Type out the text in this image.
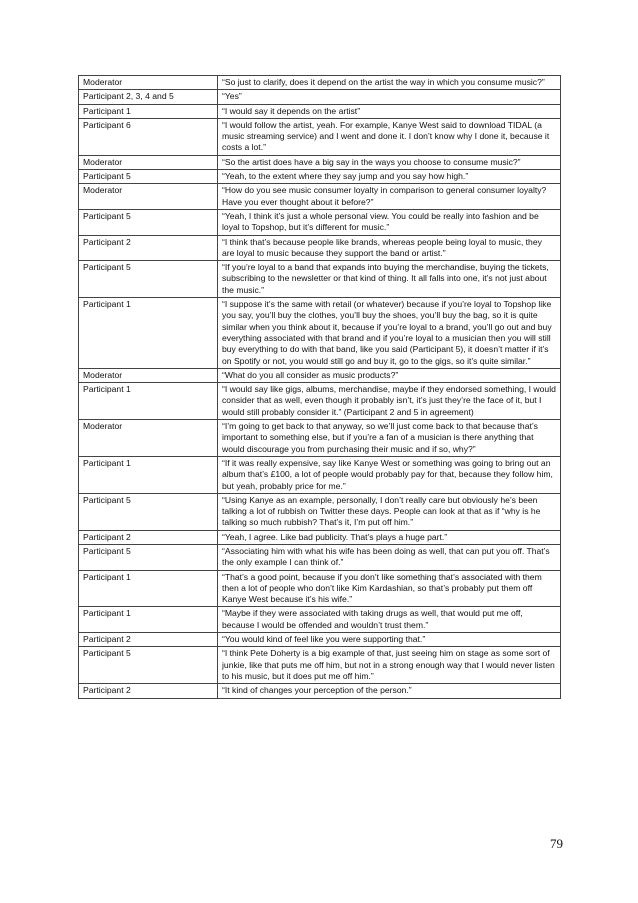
Moderator	“So just to clarify, does it depend on the artist the way in which you consume music?”
Participant 2, 3, 4 and 5	“Yes”
Participant 1	“I would say it depends on the artist”
Participant 6	“I would follow the artist, yeah. For example, Kanye West said to download TIDAL (a music streaming service) and I went and done it. I don’t know why I done it, because it costs a lot.”
Moderator	“So the artist does have a big say in the ways you choose to consume music?”
Participant 5	“Yeah, to the extent where they say jump and you say how high.”
Moderator	“How do you see music consumer loyalty in comparison to general consumer loyalty? Have you ever thought about it before?”
Participant 5	“Yeah, I think it’s just a whole personal view. You could be really into fashion and be loyal to Topshop, but it’s different for music.”
Participant 2	“I think that’s because people like brands, whereas people being loyal to music, they are loyal to music because they support the band or artist.”
Participant 5	“If you’re loyal to a band that expands into buying the merchandise, buying the tickets, subscribing to the newsletter or that kind of thing. It all falls into one, it’s not just about the music.”
Participant 1	“I suppose it’s the same with retail (or whatever) because if you’re loyal to Topshop like you say, you’ll buy the clothes, you’ll buy the shoes, you’ll buy the bag, so it is quite similar when you think about it, because if you’re loyal to a brand, you’ll go out and buy everything associated with that brand and if you’re loyal to a musician then you will still buy everything to do with that band, like you said (Participant 5), it doesn’t matter if it’s on Spotify or not, you would still go and buy it, go to the gigs, so it’s quite similar.”
Moderator	“What do you all consider as music products?”
Participant 1	“I would say like gigs, albums, merchandise, maybe if they endorsed something, I would consider that as well, even though it probably isn’t, it’s just they’re the face of it, but I would still probably consider it.” (Participant 2 and 5 in agreement)
Moderator	“I’m going to get back to that anyway, so we’ll just come back to that because that’s important to something else, but if you’re a fan of a musician is there anything that would discourage you from purchasing their music and if so, why?”
Participant 1	“If it was really expensive, say like Kanye West or something was going to bring out an album that’s £100, a lot of people would probably pay for that, because they follow him, but yeah, probably price for me.”
Participant 5	“Using Kanye as an example, personally, I don’t really care but obviously he’s been talking a lot of rubbish on Twitter these days. People can look at that as if “why is he talking so much rubbish? That’s it, I’m put off him.”
Participant 2	“Yeah, I agree. Like bad publicity. That’s plays a huge part.”
Participant 5	“Associating him with what his wife has been doing as well, that can put you off. That’s the only example I can think of.”
Participant 1	“That’s a good point, because if you don’t like something that’s associated with them then a lot of people who don’t like Kim Kardashian, so that’s probably put them off Kanye West because it’s his wife.”
Participant 1	“Maybe if they were associated with taking drugs as well, that would put me off, because I would be offended and wouldn’t trust them.”
Participant 2	“You would kind of feel like you were supporting that.”
Participant 5	“I think Pete Doherty is a big example of that, just seeing him on stage as some sort of junkie, like that puts me off him, but not in a strong enough way that I would never listen to his music, but it does put me off him.”
Participant 2	“It kind of changes your perception of the person.”
79
